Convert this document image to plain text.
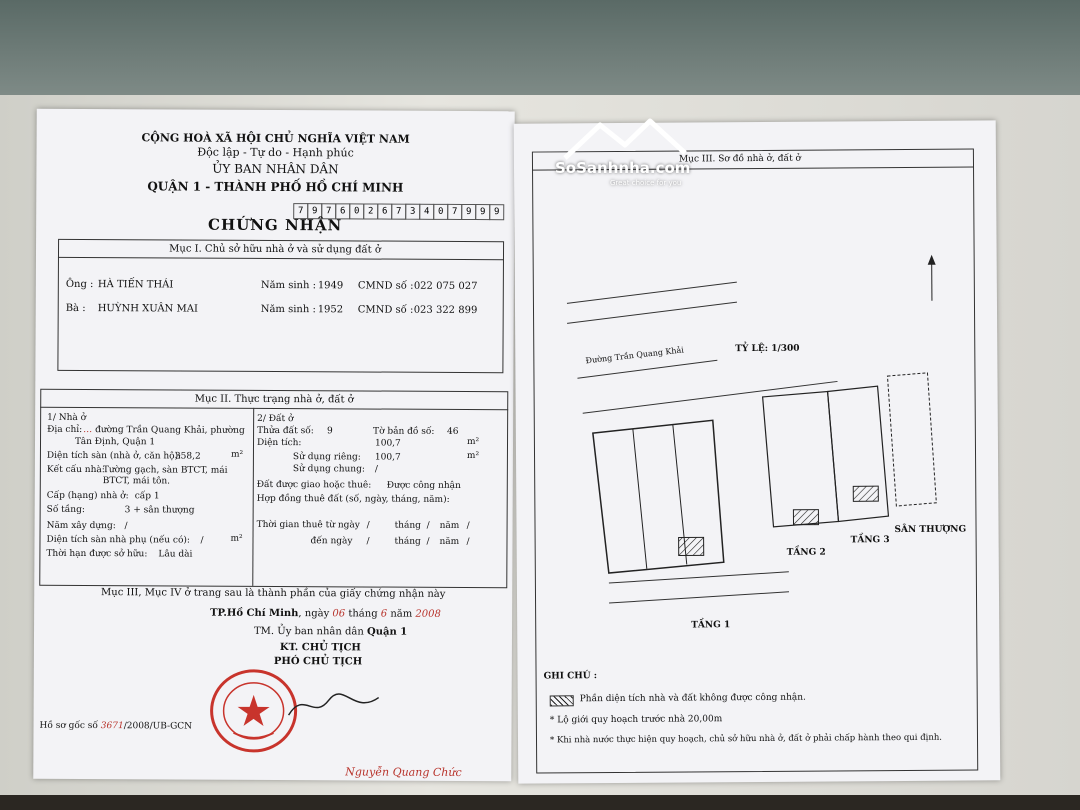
CỘNG HOÀ XÃ HỘI CHỦ NGHĨA VIỆT NAM
Độc lập - Tự do - Hạnh phúc
ỦY BAN NHÂN DÂN
QUẬN 1 - THÀNH PHỐ HỒ CHÍ MINH
7 9 7 6 0 2 6 7 3 4 0 7 9 9 9
CHỨNG NHẬN
Mục I. Chủ sở hữu nhà ở và sử dụng đất ở
Ông : HÀ TIẾN THÁI	Năm sinh : 1949 CMND số : 022 075 027
Bà : HUỲNH XUÂN MAI	Năm sinh : 1952 CMND số : 023 322 899
Mục II. Thực trạng nhà ở, đất ở
1/ Nhà ở
Địa chỉ: … đường Trần Quang Khải, phường
Tân Định, Quận 1
Diện tích sàn (nhà ở, căn hộ):
358,2	m²
Kết cấu nhà:
Tường gạch, sàn BTCT, mái
BTCT, mái tôn.
Cấp (hạng) nhà ở: cấp 1
Số tầng:	3 + sân thượng
Năm xây dựng: /
Diện tích sàn nhà phụ (nếu có): /	m²
Thời hạn được sở hữu: Lâu dài
2/ Đất ở
Thửa đất số: 9	Tờ bản đồ số: 46
Diện tích:	100,7	m²
Sử dụng riêng: 100,7	m²
Sử dụng chung: /
Đất được giao hoặc thuê: Được công nhận
Hợp đồng thuê đất (số, ngày, tháng, năm):
Thời gian thuê từ ngày /	tháng / năm /
đến ngày /	tháng / năm /
Mục III, Mục IV ở trang sau là thành phần của giấy chứng nhận này
TP.Hồ Chí Minh, ngày 06 tháng 6 năm 2008
TM. Ủy ban nhân dân Quận 1
KT. CHỦ TỊCH
PHÓ CHỦ TỊCH
Hồ sơ gốc số 3671/2008/UB-GCN
Nguyễn Quang Chức
Mục III. Sơ đồ nhà ở, đất ở
TỶ LỆ: 1/300
Đường Trần Quang Khải
TẦNG 1
TẦNG 2
TẦNG 3
SÂN THƯỢNG
GHI CHÚ :
Phần diện tích nhà và đất không được công nhận.
* Lộ giới quy hoạch trước nhà 20,00m
* Khi nhà nước thực hiện quy hoạch, chủ sở hữu nhà ở, đất ở phải chấp hành theo qui định.
SoSanhnha.com
Great choice for you
